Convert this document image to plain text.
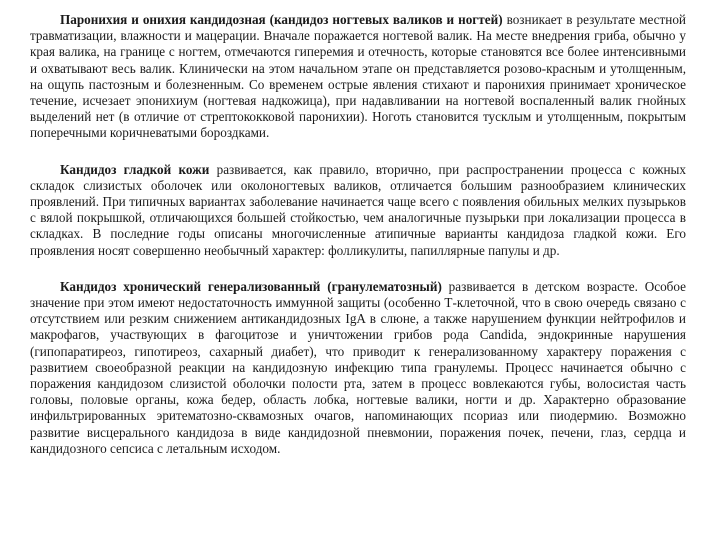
Паронихия и онихия кандидозная (кандидоз ногтевых валиков и ногтей) возникает в результате местной травматизации, влажности и мацерации. Вначале поражается ногтевой валик. На месте внедрения гриба, обычно у края валика, на границе с ногтем, отмечаются гиперемия и отечность, которые становятся все более интенсивными и охватывают весь валик. Клинически на этом начальном этапе он представляется розово-красным и утолщенным, на ощупь пастозным и болезненным. Со временем острые явления стихают и паронихия принимает хроническое течение, исчезает эпонихиум (ногтевая надкожица), при надавливании на ногтевой воспаленный валик гнойных выделений нет (в отличие от стрептококковой паронихии). Ноготь становится тусклым и утолщенным, покрытым поперечными коричневатыми бороздками.

Кандидоз гладкой кожи развивается, как правило, вторично, при распространении процесса с кожных складок слизистых оболочек или околоногтевых валиков, отличается большим разнообразием клинических проявлений. При типичных вариантах заболевание начинается чаще всего с появления обильных мелких пузырьков с вялой покрышкой, отличающихся большей стойкостью, чем аналогичные пузырьки при локализации процесса в складках. В последние годы описаны многочисленные атипичные варианты кандидоза гладкой кожи. Его проявления носят совершенно необычный характер: фолликулиты, папиллярные папулы и др.

Кандидоз хронический генерализованный (гранулематозный) развивается в детском возрасте. Особое значение при этом имеют недостаточность иммунной защиты (особенно Т-клеточной, что в свою очередь связано с отсутствием или резким снижением антикандидозных IgA в слюне, а также нарушением функции нейтрофилов и макрофагов, участвующих в фагоцитозе и уничтожении грибов рода Candida, эндокринные нарушения (гипопаратиреоз, гипотиреоз, сахарный диабет), что приводит к генерализованному характеру поражения с развитием своеобразной реакции на кандидозную инфекцию типа гранулемы. Процесс начинается обычно с поражения кандидозом слизистой оболочки полости рта, затем в процесс вовлекаются губы, волосистая часть головы, половые органы, кожа бедер, область лобка, ногтевые валики, ногти и др. Характерно образование инфильтрированных эритематозно-сквамозных очагов, напоминающих псориаз или пиодермию. Возможно развитие висцерального кандидоза в виде кандидозной пневмонии, поражения почек, печени, глаз, сердца и кандидозного сепсиса с летальным исходом.
